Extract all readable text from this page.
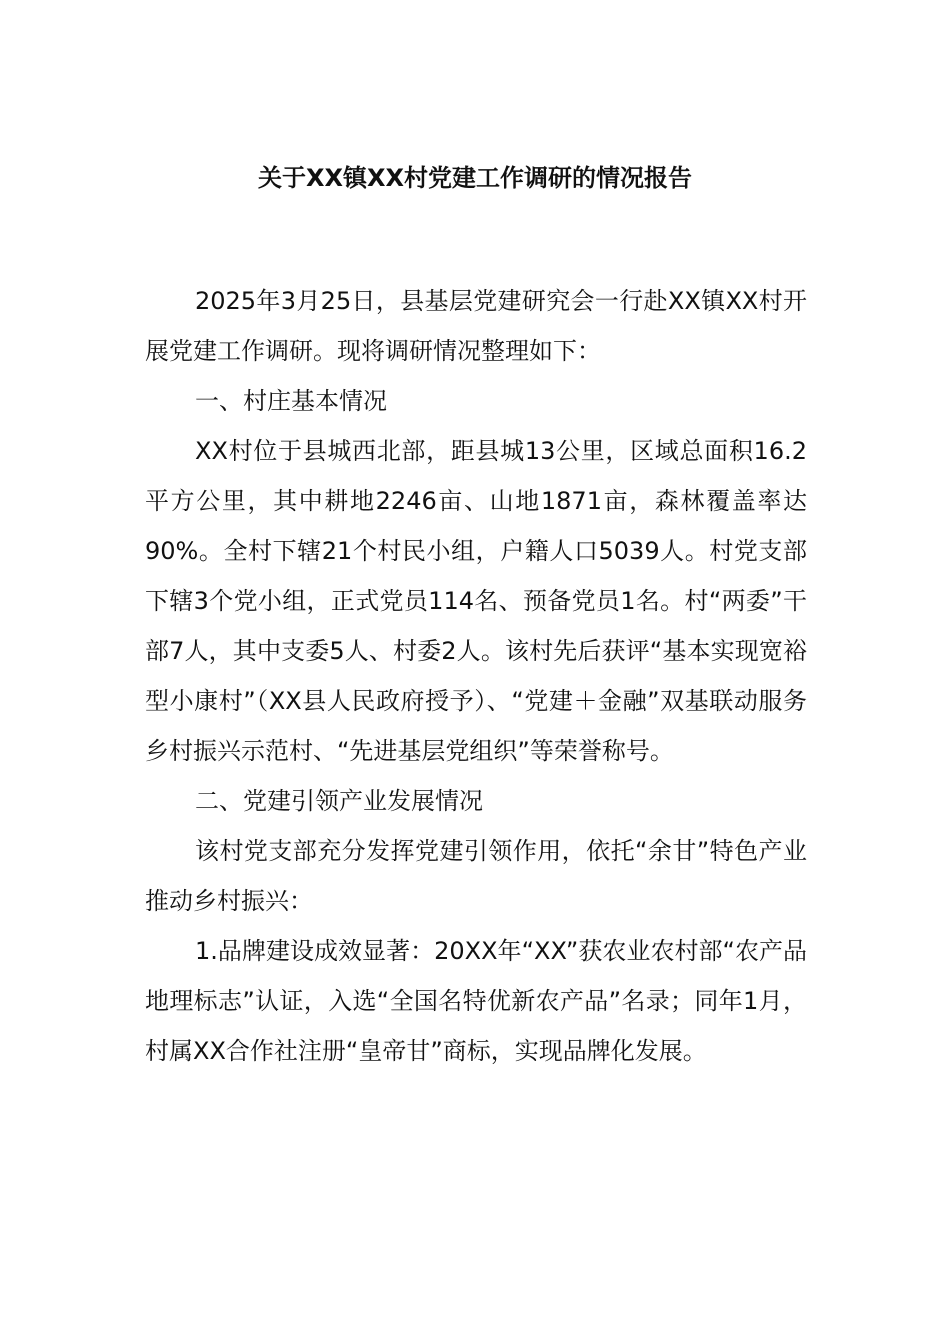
关于XX镇XX村党建工作调研的情况报告

2025年3月25日，县基层党建研究会一行赴XX镇XX村开展党建工作调研。现将调研情况整理如下：

一、村庄基本情况

XX村位于县城西北部，距县城13公里，区域总面积16.2平方公里，其中耕地2246亩、山地1871亩，森林覆盖率达90%。全村下辖21个村民小组，户籍人口5039人。村党支部下辖3个党小组，正式党员114名、预备党员1名。村“两委”干部7人，其中支委5人、村委2人。该村先后获评“基本实现宽裕型小康村”（XX县人民政府授予）、“党建＋金融”双基联动服务乡村振兴示范村、“先进基层党组织”等荣誉称号。

二、党建引领产业发展情况

该村党支部充分发挥党建引领作用，依托“余甘”特色产业推动乡村振兴：

1.品牌建设成效显著：20XX年“XX”获农业农村部“农产品地理标志”认证，入选“全国名特优新农产品”名录；同年1月，村属XX合作社注册“皇帝甘”商标，实现品牌化发展。
